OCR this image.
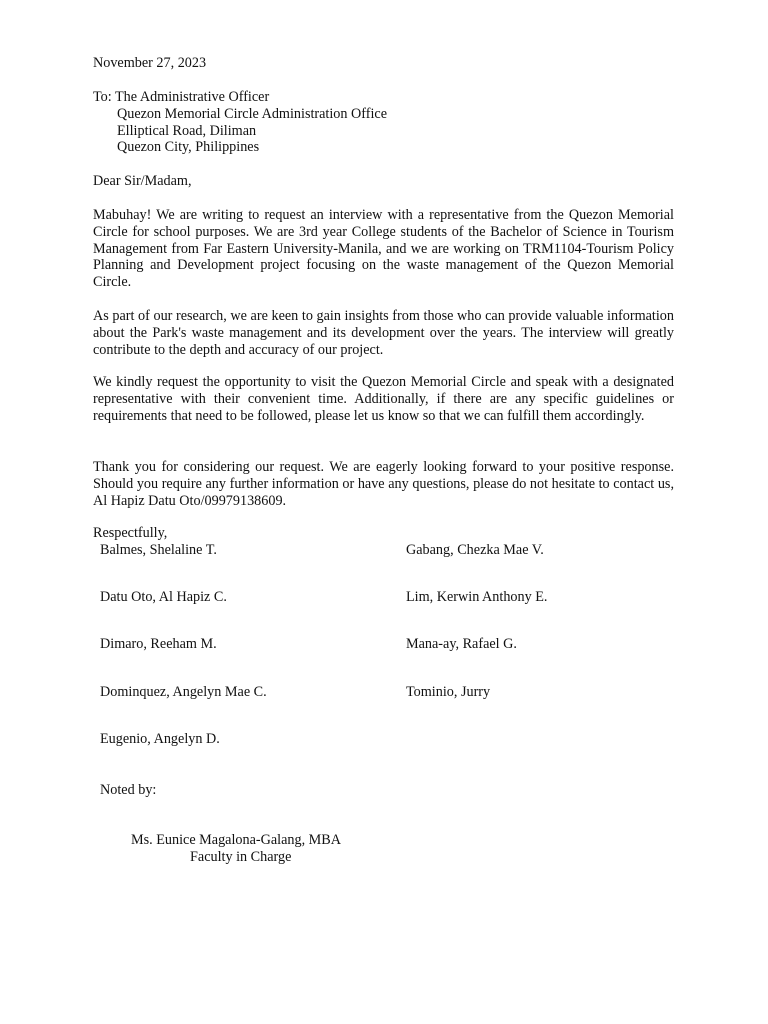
November 27, 2023
To: The Administrative Officer
Quezon Memorial Circle Administration Office
Elliptical Road, Diliman
Quezon City, Philippines
Dear Sir/Madam,

Mabuhay! We are writing to request an interview with a representative from the Quezon Memorial Circle for school purposes. We are 3rd year College students of the Bachelor of Science in Tourism Management from Far Eastern University-Manila, and we are working on TRM1104-Tourism Policy Planning and Development project focusing on the waste management of the Quezon Memorial Circle.

As part of our research, we are keen to gain insights from those who can provide valuable information about the Park's waste management and its development over the years. The interview will greatly contribute to the depth and accuracy of our project.

We kindly request the opportunity to visit the Quezon Memorial Circle and speak with a designated representative with their convenient time. Additionally, if there are any specific guidelines or requirements that need to be followed, please let us know so that we can fulfill them accordingly.

Thank you for considering our request. We are eagerly looking forward to your positive response. Should you require any further information or have any questions, please do not hesitate to contact us, Al Hapiz Datu Oto/09979138609.

Respectfully,
Balmes, Shelaline T.
Datu Oto, Al Hapiz C.
Dimaro, Reeham M.
Dominquez, Angelyn Mae C.
Eugenio, Angelyn D.
Gabang, Chezka Mae V.
Lim, Kerwin Anthony E.
Mana-ay, Rafael G.
Tominio, Jurry
Noted by:
Ms. Eunice Magalona-Galang, MBA
Faculty in Charge
